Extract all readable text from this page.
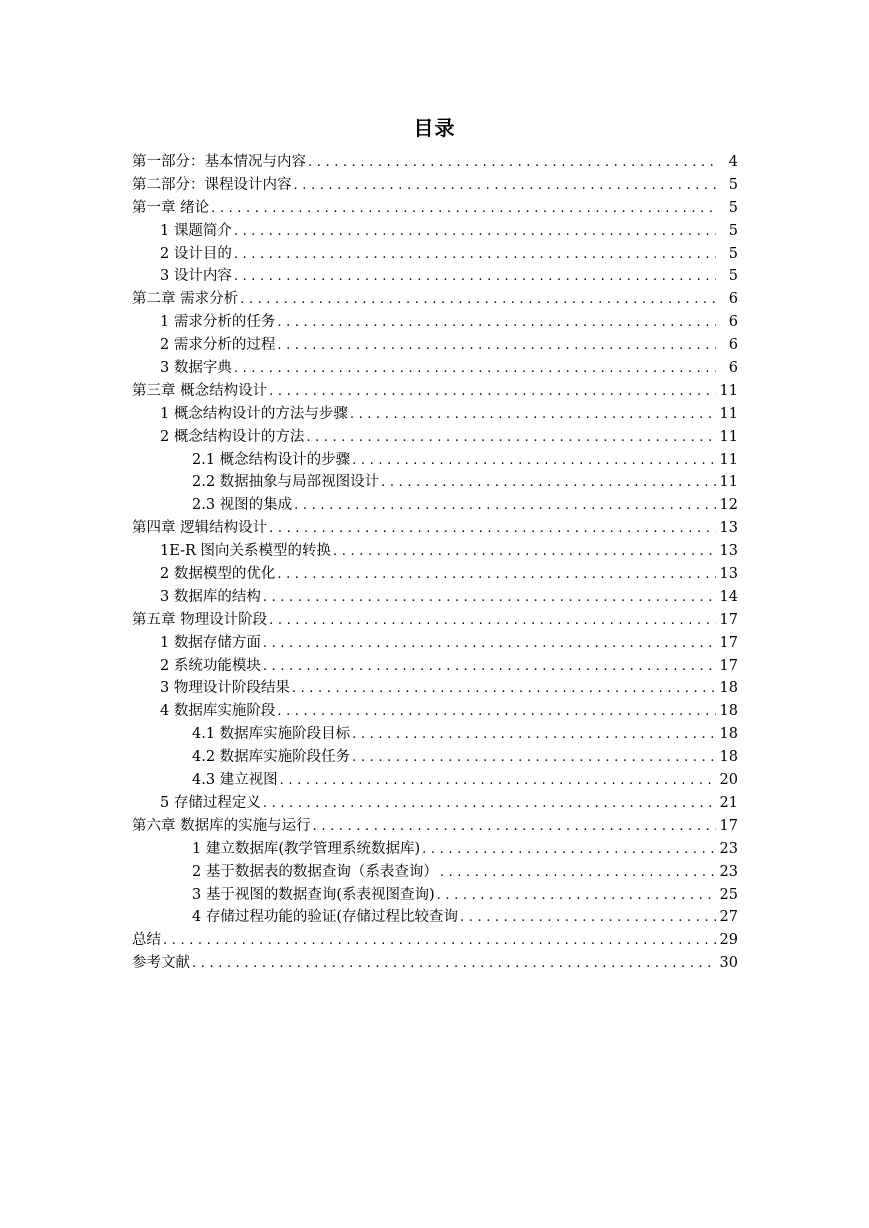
目录
第一部分：基本情况与内容 .....	4
第二部分：课程设计内容 .....	5
第一章 绪论 .....	5
1 课题简介 .....	5
2 设计目的 .....	5
3 设计内容 .....	5
第二章 需求分析 .....	6
1 需求分析的任务 .....	6
2 需求分析的过程 .....	6
3 数据字典 .....	6
第三章 概念结构设计 .....	11
1 概念结构设计的方法与步骤 .....	11
2 概念结构设计的方法 .....	11
2.1 概念结构设计的步骤 .....	11
2.2 数据抽象与局部视图设计 .....	11
2.3 视图的集成 .....	12
第四章 逻辑结构设计 .....	13
1E-R 图向关系模型的转换 .....	13
2 数据模型的优化 .....	13
3 数据库的结构 .....	14
第五章 物理设计阶段 .....	17
1 数据存储方面 .....	17
2 系统功能模块 .....	17
3 物理设计阶段结果 .....	18
4 数据库实施阶段 .....	18
4.1 数据库实施阶段目标 .....	18
4.2 数据库实施阶段任务 .....	18
4.3 建立视图 .....	20
5 存储过程定义 .....	21
第六章 数据库的实施与运行 .....	17
1 建立数据库(教学管理系统数据库) .....	23
2 基于数据表的数据查询（系表查询） .....	23
3 基于视图的数据查询(系表视图查询) .....	25
4 存储过程功能的验证(存储过程比较查询 .....	27
总结 .....	29
参考文献 .....	30
